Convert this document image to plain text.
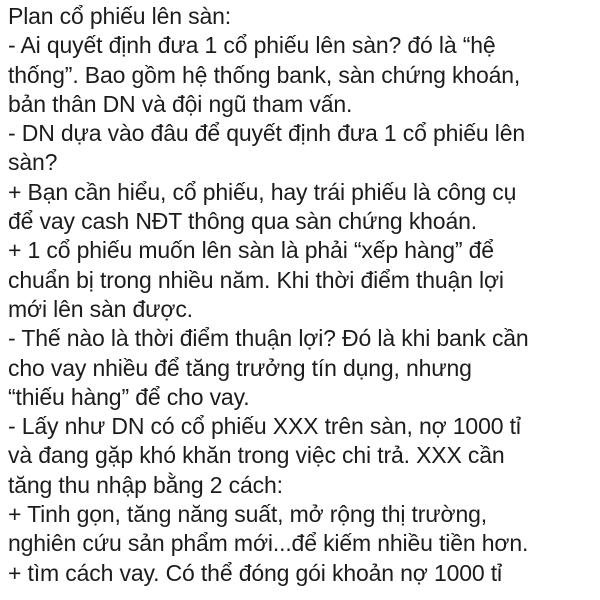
Plan cổ phiếu lên sàn:
- Ai quyết định đưa 1 cổ phiếu lên sàn? đó là “hệ
thống”. Bao gồm hệ thống bank, sàn chứng khoán,
bản thân DN và đội ngũ tham vấn.
- DN dựa vào đâu để quyết định đưa 1 cổ phiếu lên
sàn?
+ Bạn cần hiểu, cổ phiếu, hay trái phiếu là công cụ
để vay cash NĐT thông qua sàn chứng khoán.
+ 1 cổ phiếu muốn lên sàn là phải “xếp hàng” để
chuẩn bị trong nhiều năm. Khi thời điểm thuận lợi
mới lên sàn được.
- Thế nào là thời điểm thuận lợi? Đó là khi bank cần
cho vay nhiều để tăng trưởng tín dụng, nhưng
“thiếu hàng” để cho vay.
- Lấy như DN có cổ phiếu XXX trên sàn, nợ 1000 tỉ
và đang gặp khó khăn trong việc chi trả. XXX cần
tăng thu nhập bằng 2 cách:
+ Tinh gọn, tăng năng suất, mở rộng thị trường,
nghiên cứu sản phẩm mới...để kiếm nhiều tiền hơn.
+ tìm cách vay. Có thể đóng gói khoản nợ 1000 tỉ
